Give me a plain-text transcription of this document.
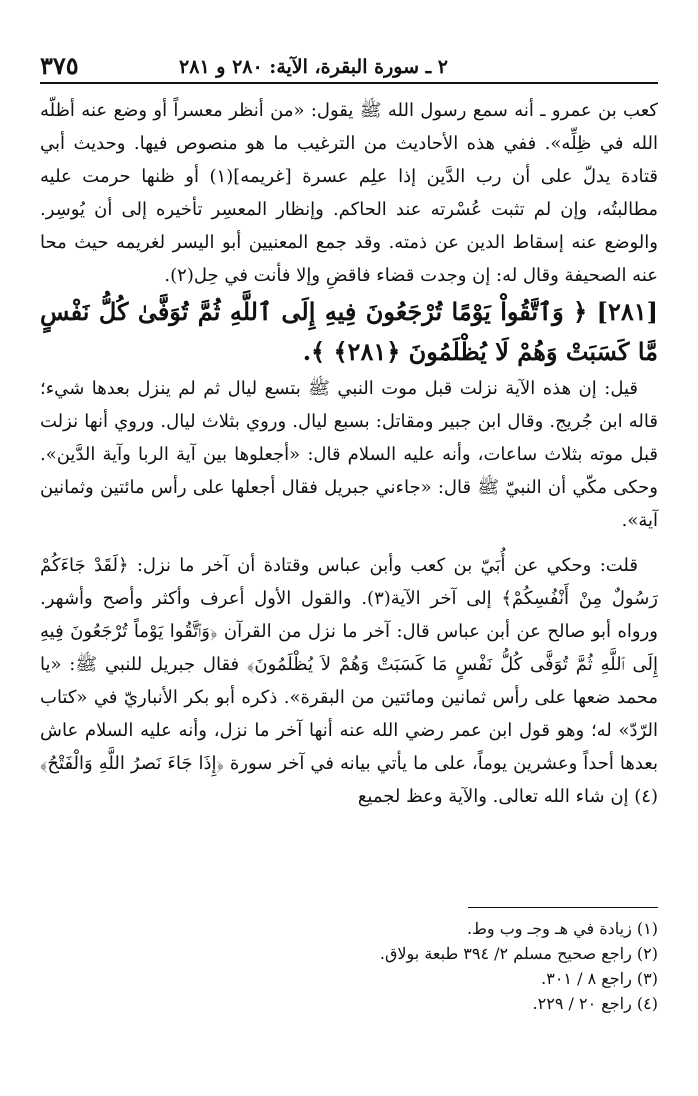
٢ ـ سورة البقرة، الآية: ٢٨٠ و ٢٨١
٣٧٥

كعب بن عمرو ـ أنه سمع رسول الله ﷺ يقول: «من أنظر معسراً أو وضع عنه أظلّه الله في ظِلِّه». ففي هذه الأحاديث من الترغيب ما هو منصوص فيها. وحديث أبي قتادة يدلّ على أن رب الدَّين إذا علِم عسرة [غريمه](١) أو ظنها حرمت عليه مطالبتُه، وإن لم تثبت عُسْرته عند الحاكم. وإنظار المعسِر تأخيره إلى أن يُوسِر. والوضع عنه إسقاط الدين عن ذمته. وقد جمع المعنيين أبو اليسر لغريمه حيث محا عنه الصحيفة وقال له: إن وجدت قضاء فاقضِ وإلا فأنت في حِل(٢).

[٢٨١] ﴿ وَٱتَّقُواْ يَوْمًا تُرْجَعُونَ فِيهِ إِلَى ٱللَّهِ ثُمَّ تُوَفَّىٰ كُلُّ نَفْسٍ مَّا كَسَبَتْ وَهُمْ لَا يُظْلَمُونَ ﴿٢٨١﴾ ﴾.

قيل: إن هذه الآية نزلت قبل موت النبي ﷺ بتسع ليال ثم لم ينزل بعدها شيء؛ قاله ابن جُريج. وقال ابن جبير ومقاتل: بسبع ليال. وروي بثلاث ليال. وروي أنها نزلت قبل موته بثلاث ساعات، وأنه عليه السلام قال: «أجعلوها بين آية الربا وآية الدَّين». وحكى مكّي أن النبيّ ﷺ قال: «جاءني جبريل فقال أجعلها على رأس مائتين وثمانين آية».

قلت: وحكي عن أُبَيّ بن كعب وأبن عباس وقتادة أن آخر ما نزل: ﴿لَقَدْ جَاءَكُمْ رَسُولٌ مِنْ أَنْفُسِكُمْ﴾ إلى آخر الآية(٣). والقول الأول أعرف وأكثر وأصح وأشهر. ورواه أبو صالح عن أبن عباس قال: آخر ما نزل من القرآن ﴿وَٱتَّقُوا يَوْماً تُرْجَعُونَ فِيهِ إِلَى ٱللَّهِ ثُمَّ تُوَفَّى كُلُّ نَفْسٍ مَا كَسَبَتْ وَهُمْ لاَ يُظْلَمُونَ﴾ فقال جبريل للنبي ﷺ: «يا محمد ضعها على رأس ثمانين ومائتين من البقرة». ذكره أبو بكر الأنباريّ في «كتاب الرّدّ» له؛ وهو قول ابن عمر رضي الله عنه أنها آخر ما نزل، وأنه عليه السلام عاش بعدها أحداً وعشرين يوماً، على ما يأتي بيانه في آخر سورة ﴿إِذَا جَاءَ نَصرُ اللَّهِ وَالْفَتْحُ﴾(٤) إن شاء الله تعالى. والآية وعظ لجميع

(١) زيادة في هـ وجـ وب وط.
(٢) راجع صحيح مسلم ٢/ ٣٩٤ طبعة بولاق.
(٣) راجع ٨ / ٣٠١.
(٤) راجع ٢٠ / ٢٢٩.
